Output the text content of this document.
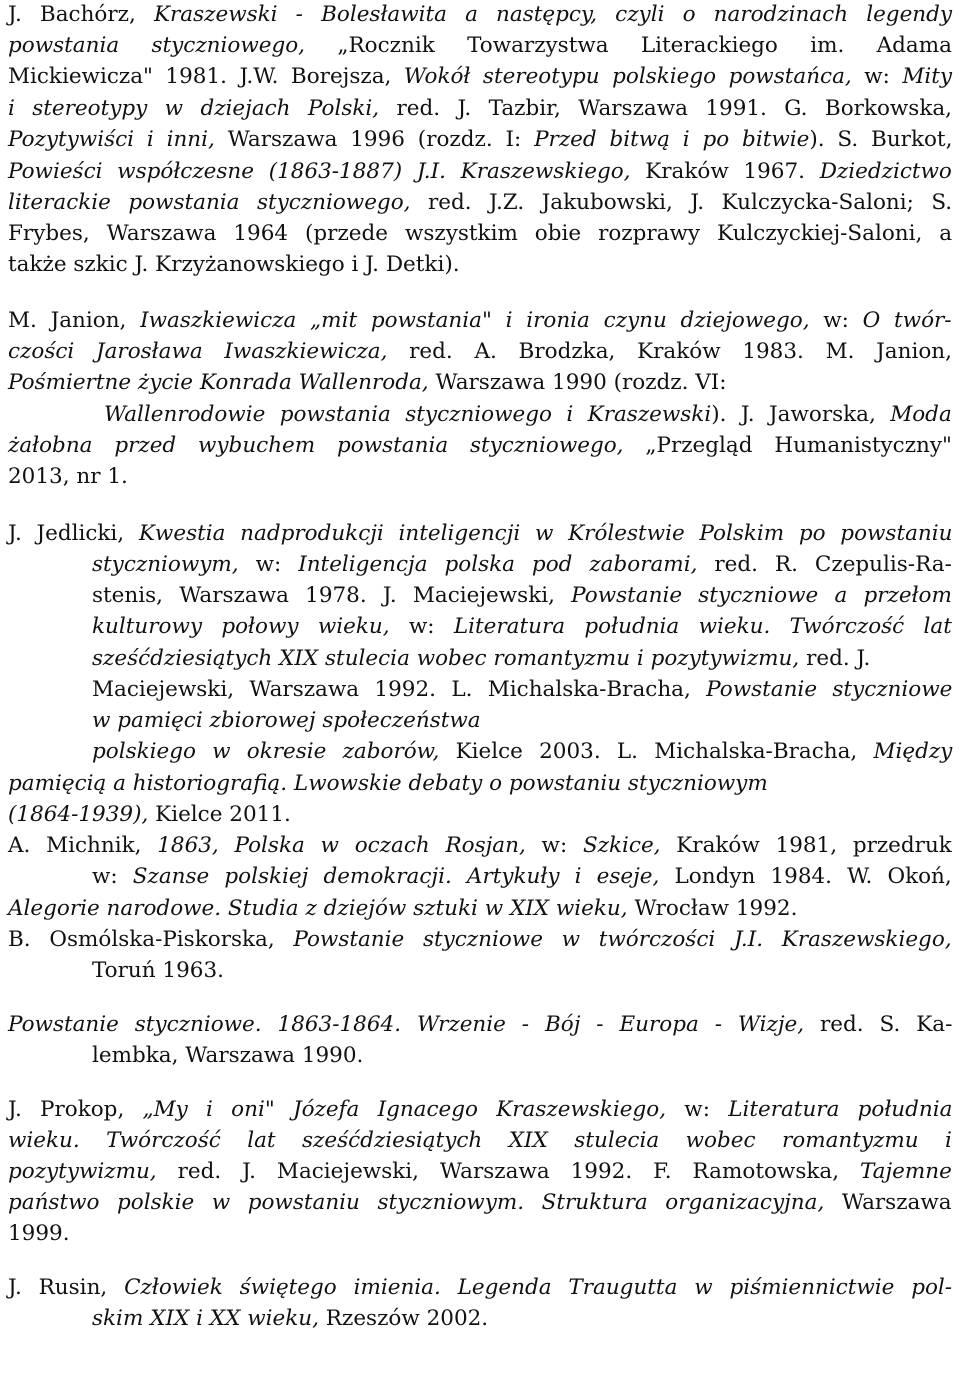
J. Bachórz, Kraszewski - Bolesławita a następcy, czyli o narodzinach legendy

powstania styczniowego, „Rocznik Towarzystwa Literackiego im. Adama

Mickiewicza" 1981. J.W. Borejsza, Wokół stereotypu polskiego powstańca, w: Mity

i stereotypy w dziejach Polski, red. J. Tazbir, Warszawa 1991. G. Borkowska,

Pozytywiści i inni, Warszawa 1996 (rozdz. I: Przed bitwą i po bitwie). S. Burkot,

Powieści współczesne (1863-1887) J.I. Kraszewskiego, Kraków 1967. Dziedzictwo

literackie powstania styczniowego, red. J.Z. Jakubowski, J. Kulczycka-Saloni; S.

Frybes, Warszawa 1964 (przede wszystkim obie rozprawy Kulczyckiej-Saloni, a

także szkic J. Krzyżanowskiego i J. Detki).

M. Janion, Iwaszkiewicza „mit powstania" i ironia czynu dziejowego, w: O twór-

czości Jarosława Iwaszkiewicza, red. A. Brodzka, Kraków 1983. M. Janion,

Pośmiertne życie Konrada Wallenroda, Warszawa 1990 (rozdz. VI:

Wallenrodowie powstania styczniowego i Kraszewski). J. Jaworska, Moda

żałobna przed wybuchem powstania styczniowego, „Przegląd Humanistyczny"

2013, nr 1.

J. Jedlicki, Kwestia nadprodukcji inteligencji w Królestwie Polskim po powstaniu

styczniowym, w: Inteligencja polska pod zaborami, red. R. Czepulis-Ra-

stenis, Warszawa 1978. J. Maciejewski, Powstanie styczniowe a przełom

kulturowy połowy wieku, w: Literatura południa wieku. Twórczość lat

sześćdziesiątych XIX stulecia wobec romantyzmu i pozytywizmu, red. J.

Maciejewski, Warszawa 1992. L. Michalska-Bracha, Powstanie styczniowe

w pamięci zbiorowej społeczeństwa

polskiego w okresie zaborów, Kielce 2003. L. Michalska-Bracha, Między

pamięcią a historiografią. Lwowskie debaty o powstaniu styczniowym

(1864-1939), Kielce 2011.

A. Michnik, 1863, Polska w oczach Rosjan, w: Szkice, Kraków 1981, przedruk

w: Szanse polskiej demokracji. Artykuły i eseje, Londyn 1984. W. Okoń,

Alegorie narodowe. Studia z dziejów sztuki w XIX wieku, Wrocław 1992.

B. Osmólska-Piskorska, Powstanie styczniowe w twórczości J.I. Kraszewskiego,

Toruń 1963.

Powstanie styczniowe. 1863-1864. Wrzenie - Bój - Europa - Wizje, red. S. Ka-

lembka, Warszawa 1990.

J. Prokop, „My i oni" Józefa Ignacego Kraszewskiego, w: Literatura południa

wieku. Twórczość lat sześćdziesiątych XIX stulecia wobec romantyzmu i

pozytywizmu, red. J. Maciejewski, Warszawa 1992. F. Ramotowska, Tajemne

państwo polskie w powstaniu styczniowym. Struktura organizacyjna, Warszawa

1999.

J. Rusin, Człowiek świętego imienia. Legenda Traugutta w piśmiennictwie pol-

skim XIX i XX wieku, Rzeszów 2002.
